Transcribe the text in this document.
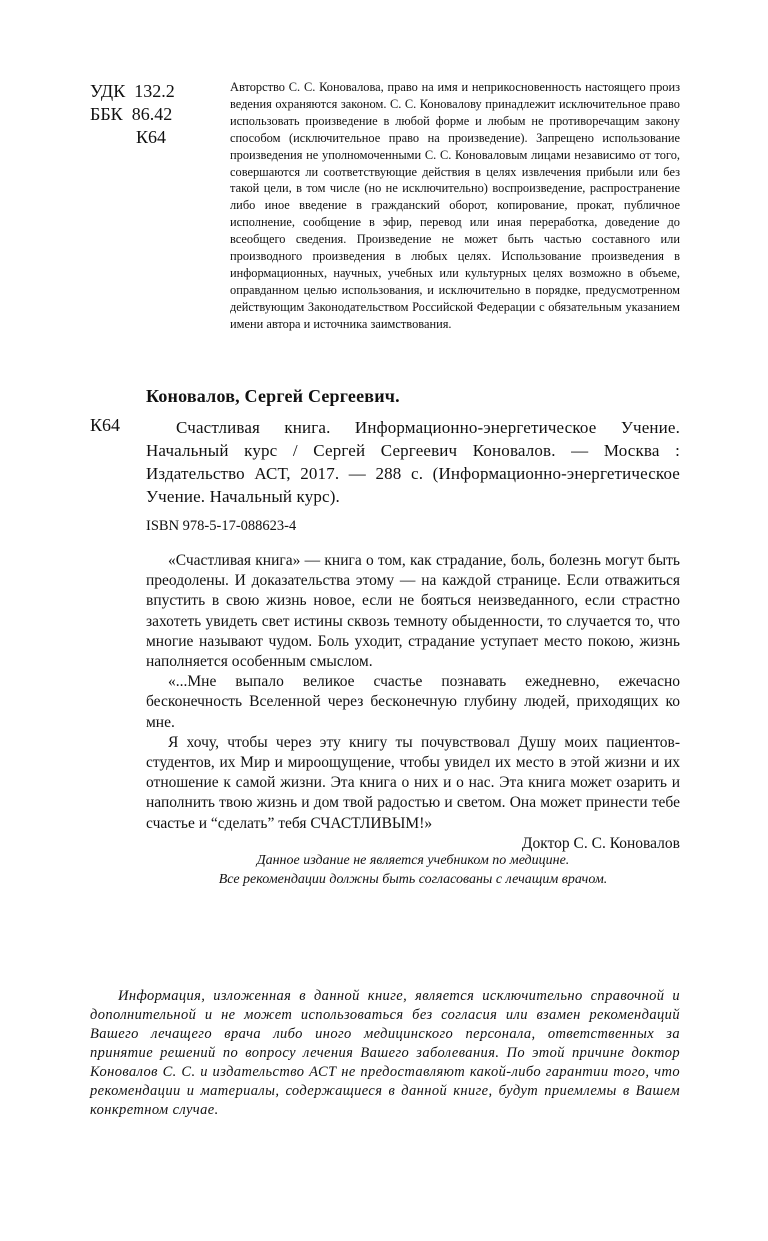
УДК 132.2
ББК 86.42
К64

Авторство С. С. Коновалова, право на имя и неприкосновенность настоящего произ ведения охраняются законом. С. С. Коновалову принадлежит исключительное право использовать произведение в любой форме и любым не противоречащим закону способом (исключительное право на произведение). Запрещено использование произведения не уполномоченными С. С. Коноваловым лицами независимо от того, совершаются ли соответствующие действия в целях извлечения прибыли или без такой цели, в том числе (но не исключительно) воспроизведение, распространение либо иное введение в гражданский оборот, копирование, прокат, публичное исполнение, сообщение в эфир, перевод или иная переработка, доведение до всеобщего сведения. Произведение не может быть частью составного или производного произведения в любых целях. Использование произведения в информационных, научных, учебных или культурных целях возможно в объеме, оправданном целью использования, и исключительно в порядке, предусмотренном действующим Законодательством Российской Федерации с обязательным указанием имени автора и источника заимствования.

Коновалов, Сергей Сергеевич.
К64	Счастливая книга. Информационно-энергетическое Учение. Начальный курс / Сергей Сергеевич Коновалов. — Москва : Издательство АСТ, 2017. — 288 с. (Информационно-энергетическое Учение. Начальный курс).

ISBN 978-5-17-088623-4

«Счастливая книга» — книга о том, как страдание, боль, болезнь могут быть преодолены. И доказательства этому — на каждой странице. Если отважиться впустить в свою жизнь новое, если не бояться неизведанного, если страстно захотеть увидеть свет истины сквозь темноту обыденности, то случается то, что многие называют чудом. Боль уходит, страдание уступает место покою, жизнь наполняется особенным смыслом.

«...Мне выпало великое счастье познавать ежедневно, ежечасно бесконечность Вселенной через бесконечную глубину людей, приходящих ко мне.

Я хочу, чтобы через эту книгу ты почувствовал Душу моих пациентов-студентов, их Мир и мироощущение, чтобы увидел их место в этой жизни и их отношение к самой жизни. Эта книга о них и о нас. Эта книга может озарить и наполнить твою жизнь и дом твой радостью и светом. Она может принести тебе счастье и “сделать” тебя СЧАСТЛИВЫМ!»

Доктор С. С. Коновалов

Данное издание не является учебником по медицине.

Все рекомендации должны быть согласованы с лечащим врачом.

Информация, изложенная в данной книге, является исключительно справочной и дополнительной и не может использоваться без согласия или взамен рекомендаций Вашего лечащего врача либо иного медицинского персонала, ответственных за принятие решений по вопросу лечения Вашего заболевания. По этой причине доктор Коновалов С. С. и издательство АСТ не предоставляют какой-либо гарантии того, что рекомендации и материалы, содержащиеся в данной книге, будут приемлемы в Вашем конкретном случае.
